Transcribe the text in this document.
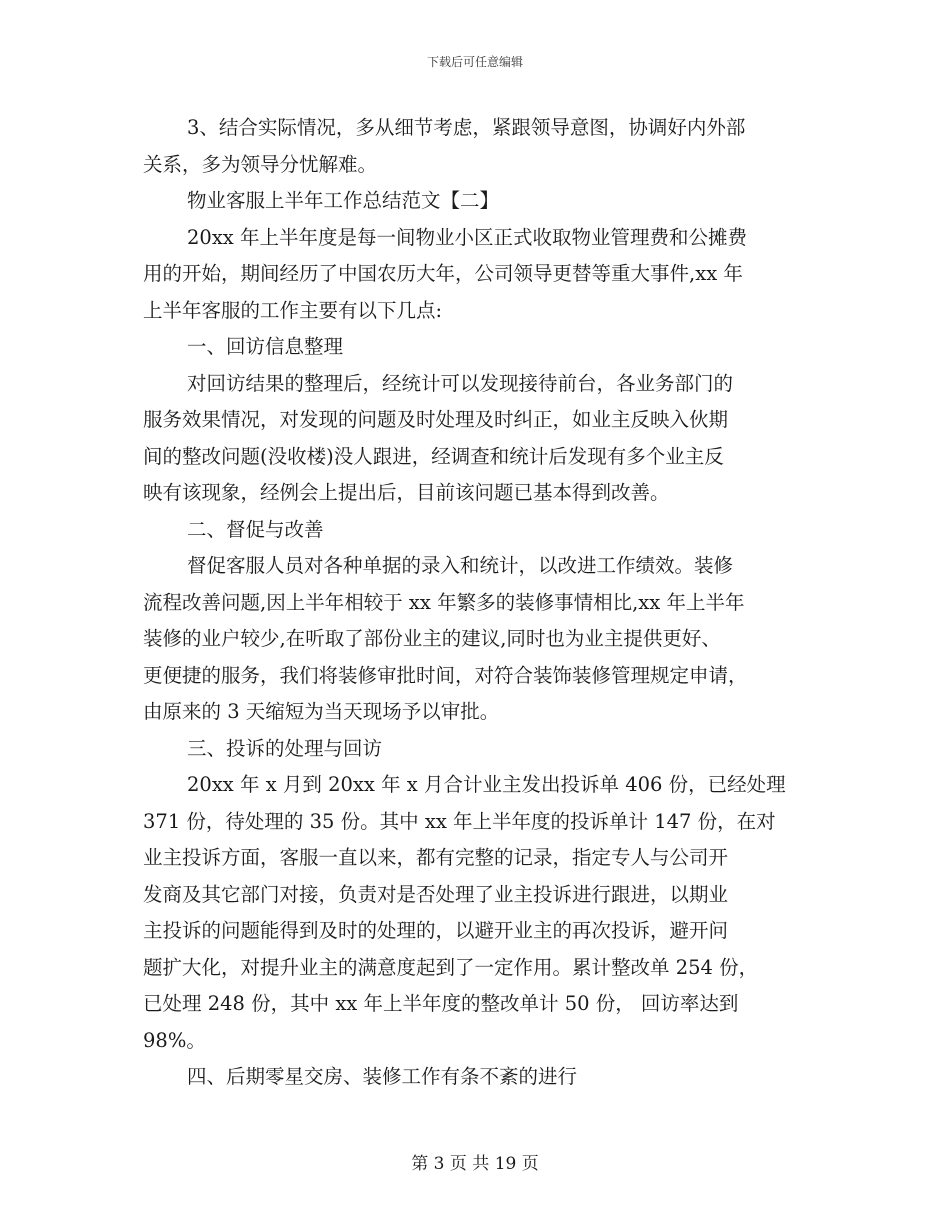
下载后可任意编辑
3、结合实际情况，多从细节考虑，紧跟领导意图，协调好内外部
关系，多为领导分忧解难。
物业客服上半年工作总结范文【二】
20xx 年上半年度是每一间物业小区正式收取物业管理费和公摊费
用的开始，期间经历了中国农历大年，公司领导更替等重大事件,xx 年
上半年客服的工作主要有以下几点:
一、回访信息整理
对回访结果的整理后，经统计可以发现接待前台，各业务部门的
服务效果情况，对发现的问题及时处理及时纠正，如业主反映入伙期
间的整改问题(没收楼)没人跟进，经调查和统计后发现有多个业主反
映有该现象，经例会上提出后，目前该问题已基本得到改善。
二、督促与改善
督促客服人员对各种单据的录入和统计，以改进工作绩效。装修
流程改善问题,因上半年相较于 xx 年繁多的装修事情相比,xx 年上半年
装修的业户较少,在听取了部份业主的建议,同时也为业主提供更好、
更便捷的服务，我们将装修审批时间，对符合装饰装修管理规定申请，
由原来的 3 天缩短为当天现场予以审批。
三、投诉的处理与回访
20xx 年 x 月到 20xx 年 x 月合计业主发出投诉单 406 份，已经处理
371 份，待处理的 35 份。其中 xx 年上半年度的投诉单计 147 份，在对
业主投诉方面，客服一直以来，都有完整的记录，指定专人与公司开
发商及其它部门对接，负责对是否处理了业主投诉进行跟进，以期业
主投诉的问题能得到及时的处理的，以避开业主的再次投诉，避开问
题扩大化，对提升业主的满意度起到了一定作用。累计整改单 254 份，
已处理 248 份，其中 xx 年上半年度的整改单计 50 份， 回访率达到
98%。
四、后期零星交房、装修工作有条不紊的进行
第 3 页 共 19 页
